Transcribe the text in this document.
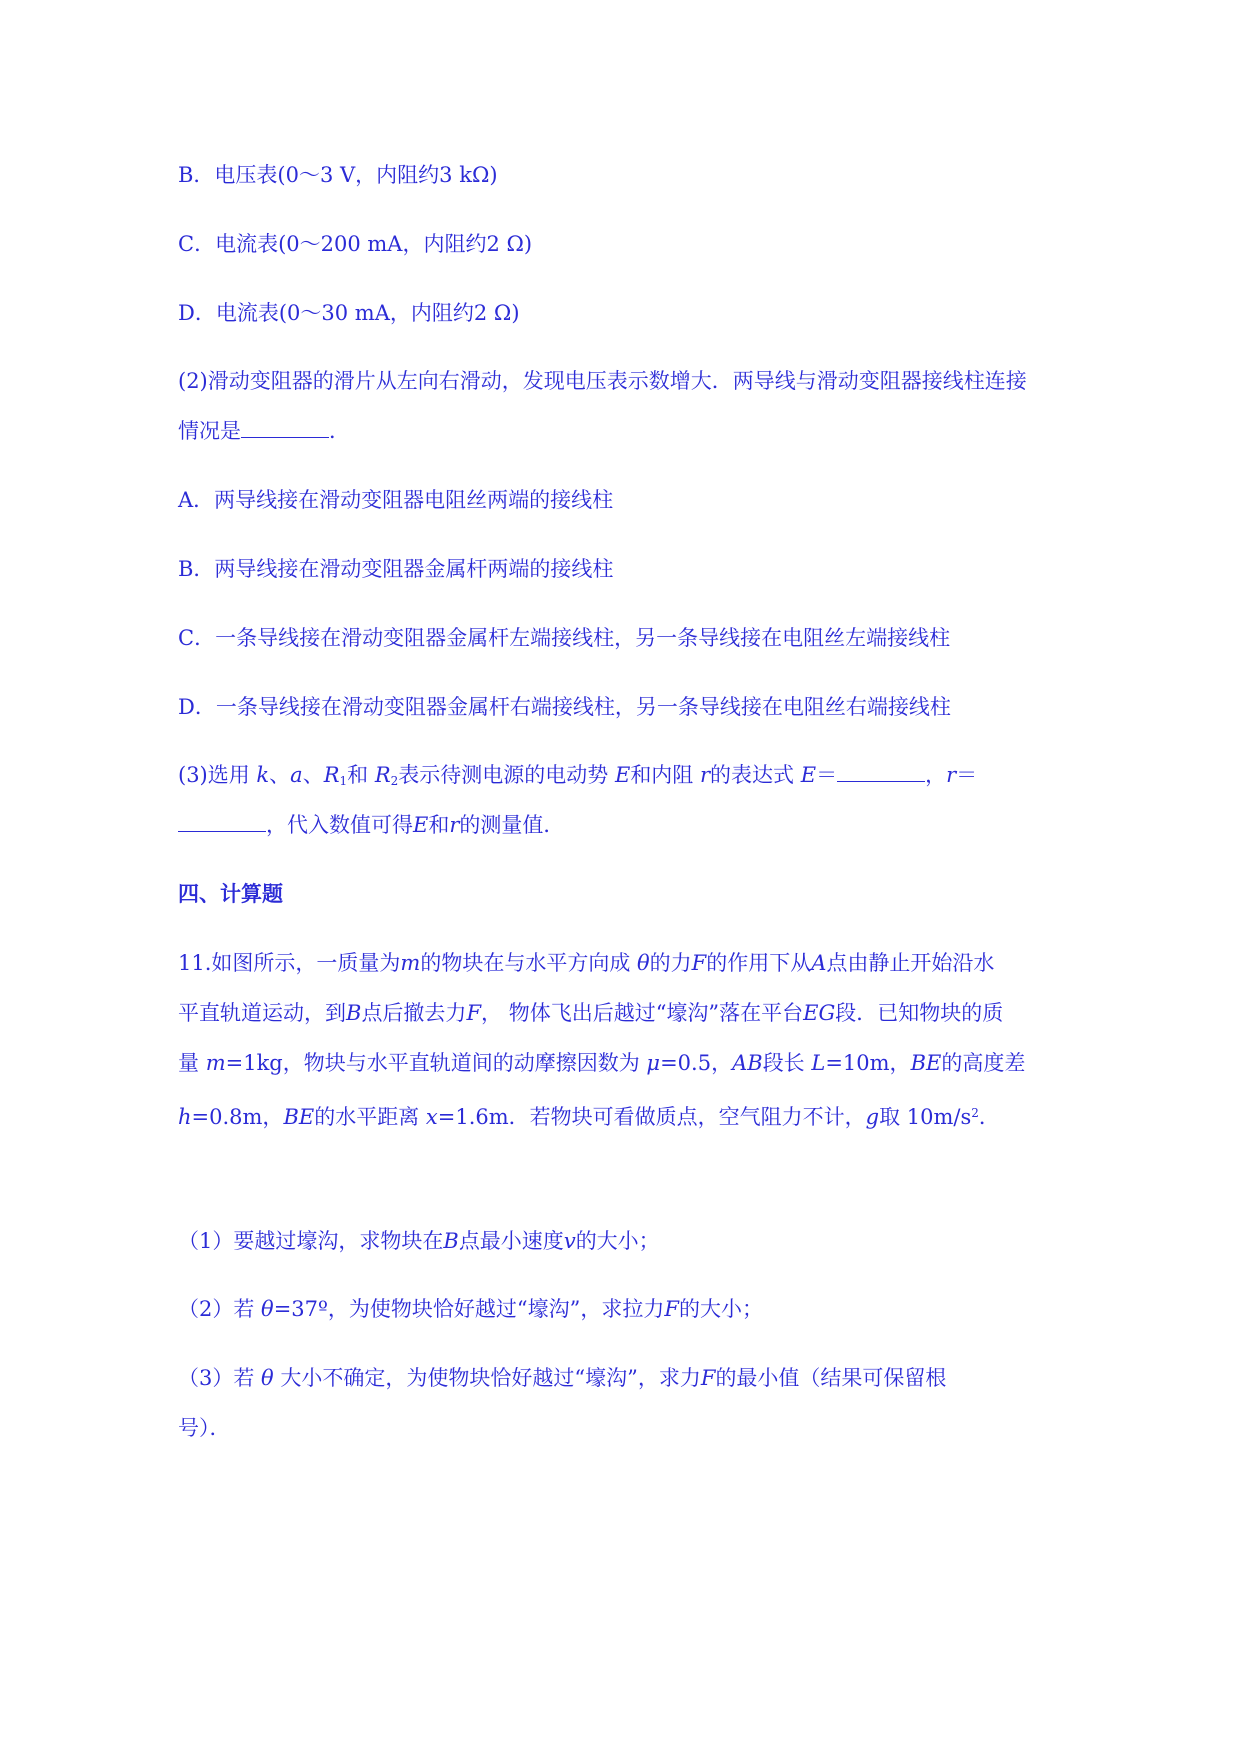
B．电压表(0～3 V，内阻约3 kΩ)
C．电流表(0～200 mA，内阻约2 Ω)
D．电流表(0～30 mA，内阻约2 Ω)
(2)滑动变阻器的滑片从左向右滑动，发现电压表示数增大．两导线与滑动变阻器接线柱连接
情况是	．
A．两导线接在滑动变阻器电阻丝两端的接线柱
B．两导线接在滑动变阻器金属杆两端的接线柱
C．一条导线接在滑动变阻器金属杆左端接线柱，另一条导线接在电阻丝左端接线柱
D．一条导线接在滑动变阻器金属杆右端接线柱，另一条导线接在电阻丝右端接线柱
(3)选用 k、a、$R_1$和 $R_2$表示待测电源的电动势 E和内阻 r的表达式 E＝	，r＝
，代入数值可得E和r的测量值．
四、计算题
11.如图所示，一质量为m的物块在与水平方向成 θ的力F的作用下从A点由静止开始沿水
平直轨道运动，到B点后撤去力F， 物体飞出后越过“壕沟”落在平台EG段．已知物块的质
量 m=1kg，物块与水平直轨道间的动摩擦因数为 μ=0.5，AB段长 L=10m，BE的高度差
h=0.8m，BE的水平距离 x=1.6m．若物块可看做质点，空气阻力不计，g取 $10m/s^2$．
（1）要越过壕沟，求物块在B点最小速度v的大小；
（2）若 θ=37º，为使物块恰好越过“壕沟”，求拉力F的大小；
（3）若 θ 大小不确定，为使物块恰好越过“壕沟”，求力F的最小值（结果可保留根
号）．
